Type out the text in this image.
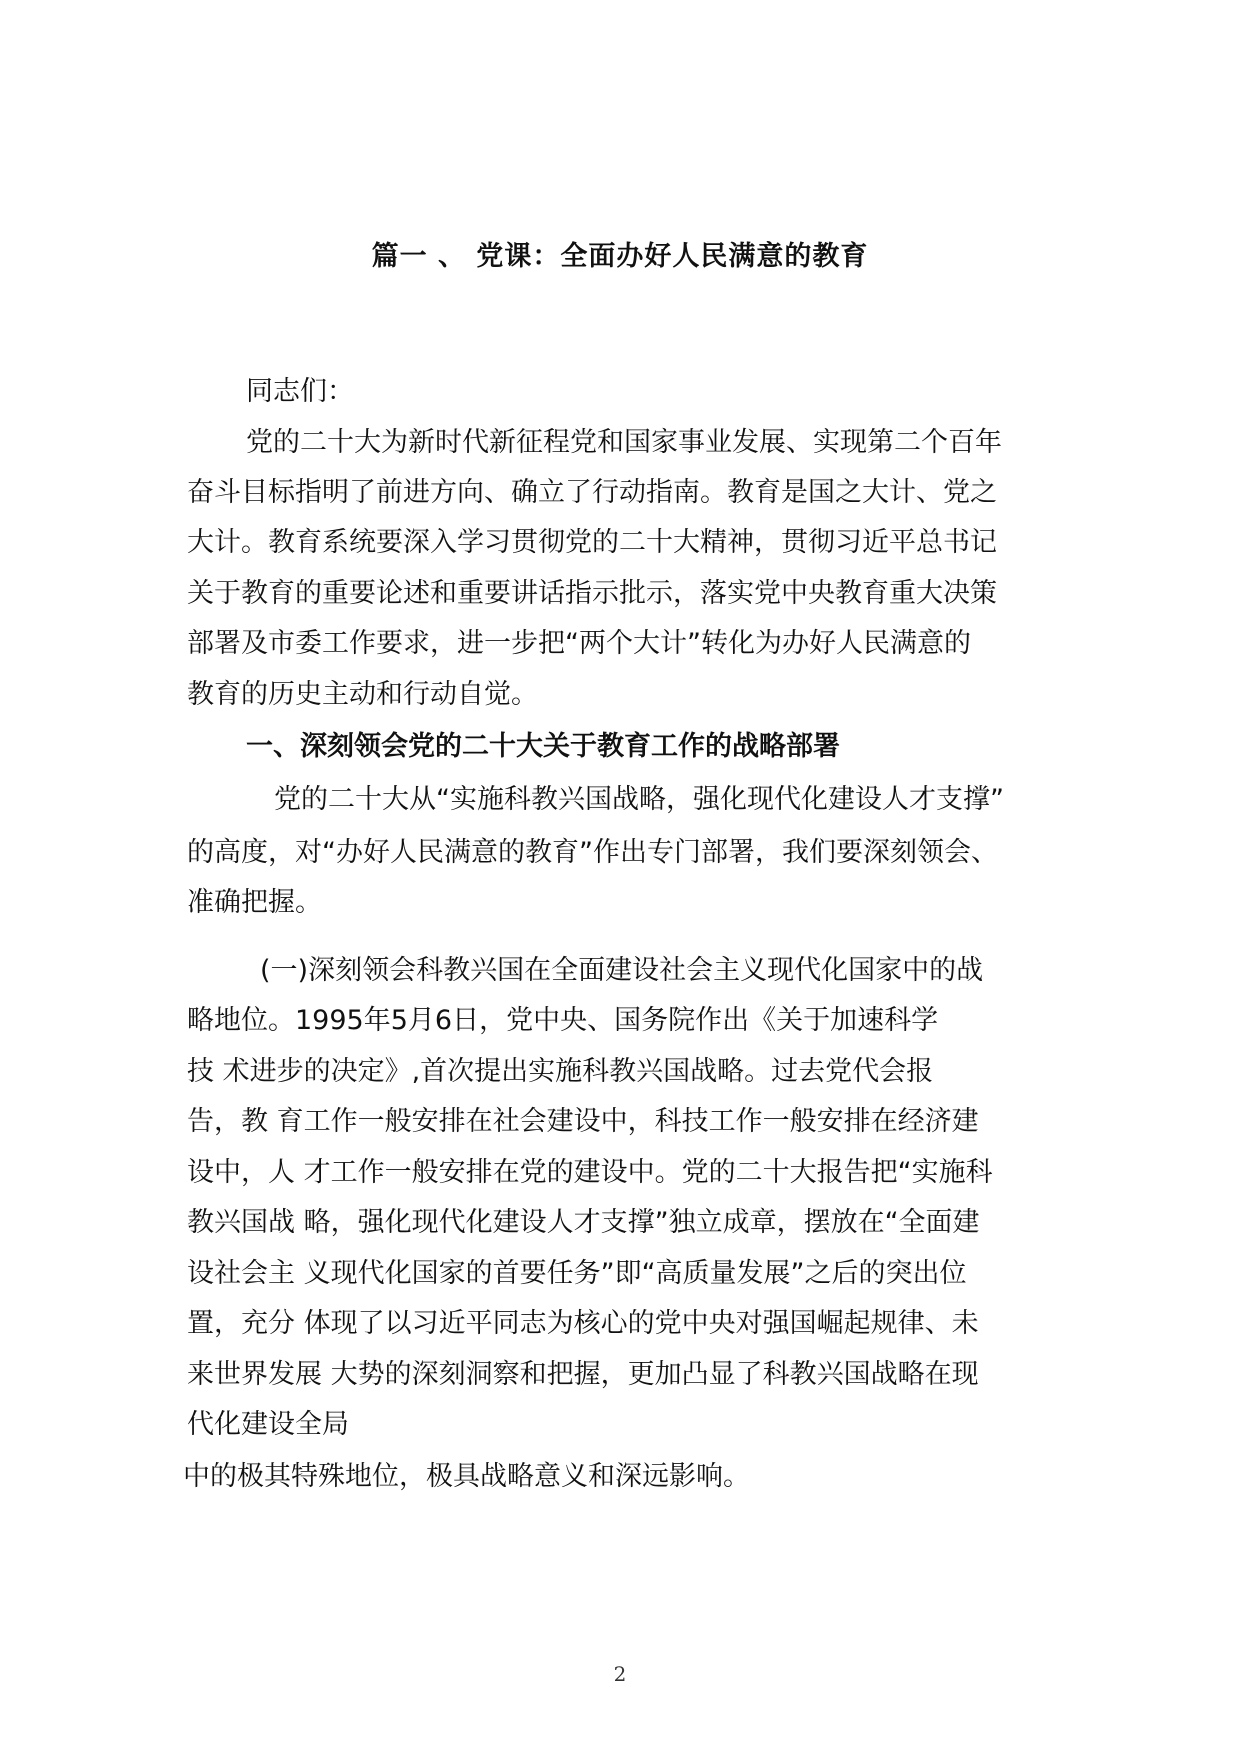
篇一 、 党课：全面办好人民满意的教育

同志们：

党的二十大为新时代新征程党和国家事业发展、实现第二个百年

奋斗目标指明了前进方向、确立了行动指南。教育是国之大计、党之

大计。教育系统要深入学习贯彻党的二十大精神，贯彻习近平总书记

关于教育的重要论述和重要讲话指示批示，落实党中央教育重大决策

部署及市委工作要求，进一步把“两个大计”转化为办好人民满意的

教育的历史主动和行动自觉。

一、深刻领会党的二十大关于教育工作的战略部署

党的二十大从“实施科教兴国战略，强化现代化建设人才支撑”

的高度，对“办好人民满意的教育”作出专门部署，我们要深刻领会、

准确把握。

(一)深刻领会科教兴国在全面建设社会主义现代化国家中的战

略地位。1995年5月6日，党中央、国务院作出《关于加速科学

技 术进步的决定》,首次提出实施科教兴国战略。过去党代会报

告，教 育工作一般安排在社会建设中，科技工作一般安排在经济建

设中，人 才工作一般安排在党的建设中。党的二十大报告把“实施科

教兴国战 略，强化现代化建设人才支撑”独立成章，摆放在“全面建

设社会主 义现代化国家的首要任务”即“高质量发展”之后的突出位

置，充分 体现了以习近平同志为核心的党中央对强国崛起规律、未

来世界发展 大势的深刻洞察和把握，更加凸显了科教兴国战略在现

代化建设全局

中的极其特殊地位，极具战略意义和深远影响。

2
